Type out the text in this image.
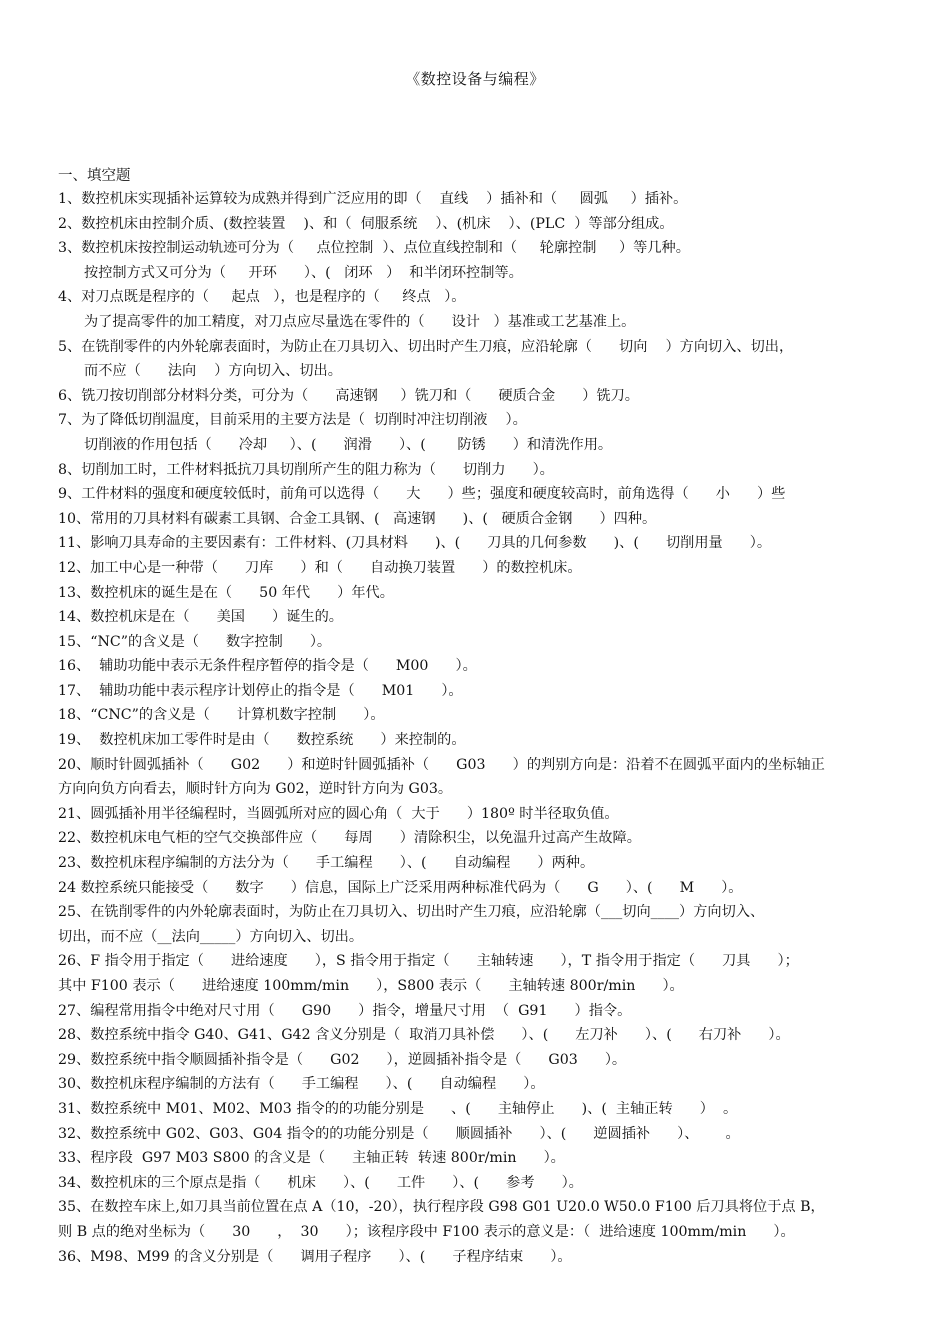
《数控设备与编程》
一、填空题
1、数控机床实现插补运算较为成熟并得到广泛应用的即（    直线    ）插补和（     圆弧     ）插补。
2、数控机床由控制介质、(数控装置    )、和（  伺服系统    ）、(机床    ）、(PLC  ）等部分组成。
3、数控机床按控制运动轨迹可分为（     点位控制  ）、点位直线控制和（     轮廓控制     ）等几种。
按控制方式又可分为（     开环      ）、(   闭环   ）  和半闭环控制等。
4、对刀点既是程序的（     起点   ），也是程序的（     终点   ）。
为了提高零件的加工精度，对刀点应尽量选在零件的（      设计   ）基准或工艺基准上。
5、在铣削零件的内外轮廓表面时，为防止在刀具切入、切出时产生刀痕，应沿轮廓（      切向    ）方向切入、切出，
而不应（      法向    ）方向切入、切出。
6、铣刀按切削部分材料分类，可分为（      高速钢     ）铣刀和（      硬质合金      ）铣刀。
7、为了降低切削温度，目前采用的主要方法是（  切削时冲注切削液    ）。
切削液的作用包括（      冷却     ）、(      润滑      ）、(       防锈      ）和清洗作用。
8、切削加工时，工件材料抵抗刀具切削所产生的阻力称为（      切削力      ）。
9、工件材料的强度和硬度较低时，前角可以选得（      大      ）些；强度和硬度较高时，前角选得（      小      ）些
10、常用的刀具材料有碳素工具钢、合金工具钢、(   高速钢      )、(   硬质合金钢      ）四种。
11、影响刀具寿命的主要因素有：工件材料、(刀具材料      )、(      刀具的几何参数      )、(      切削用量      ）。
12、加工中心是一种带（      刀库      ）和（      自动换刀装置      ）的数控机床。
13、数控机床的诞生是在（      50 年代      ）年代。
14、数控机床是在（      美国      ）诞生的。
15、“NC”的含义是（      数字控制      ）。
16、  辅助功能中表示无条件程序暂停的指令是（      M00      ）。
17、  辅助功能中表示程序计划停止的指令是（      M01      ）。
18、“CNC”的含义是（      计算机数字控制      ）。
19、  数控机床加工零件时是由（      数控系统      ）来控制的。
20、顺时针圆弧插补（      G02      ）和逆时针圆弧插补（      G03      ）的判别方向是：沿着不在圆弧平面内的坐标轴正
方向向负方向看去，顺时针方向为 G02，逆时针方向为 G03。
21、圆弧插补用半径编程时，当圆弧所对应的圆心角（  大于      ）180º 时半径取负值。
22、数控机床电气柜的空气交换部件应（      每周      ）清除积尘，以免温升过高产生故障。
23、数控机床程序编制的方法分为（      手工编程      ）、(      自动编程      ）两种。
24 数控系统只能接受（      数字      ）信息，国际上广泛采用两种标准代码为（      G      ）、(      M      ）。
25、在铣削零件的内外轮廓表面时，为防止在刀具切入、切出时产生刀痕，应沿轮廓（___切向____）方向切入、
切出，而不应（__法向_____）方向切入、切出。
26、F 指令用于指定（      进给速度      ），S 指令用于指定（      主轴转速      ），T 指令用于指定（      刀具      ）；
其中 F100 表示（      进给速度 100mm/min      ），S800 表示（      主轴转速 800r/min      ）。
27、编程常用指令中绝对尺寸用（      G90      ）指令，增量尺寸用  （  G91      ）指令。
28、数控系统中指令 G40、G41、G42 含义分别是（  取消刀具补偿      ）、(      左刀补      ）、(      右刀补      ）。
29、数控系统中指令顺圆插补指令是（      G02      ），逆圆插补指令是（      G03      ）。
30、数控机床程序编制的方法有（      手工编程      ）、(      自动编程      ）。
31、数控系统中 M01、M02、M03 指令的的功能分别是      、(      主轴停止      )、(  主轴正转      ）  。
32、数控系统中 G02、G03、G04 指令的的功能分别是（      顺圆插补      ）、(      逆圆插补      ）、      。
33、程序段  G97 M03 S800 的含义是（      主轴正转  转速 800r/min      ）。
34、数控机床的三个原点是指（      机床      ）、(      工件      ）、(      参考      ）。
35、在数控车床上,如刀具当前位置在点 A（10，-20），执行程序段 G98 G01 U20.0 W50.0 F100 后刀具将位于点 B，
则 B 点的绝对坐标为（      30      ，  30      ）；该程序段中 F100 表示的意义是：（  进给速度 100mm/min      ）。
36、M98、M99 的含义分别是（      调用子程序      ）、(      子程序结束      ）。
